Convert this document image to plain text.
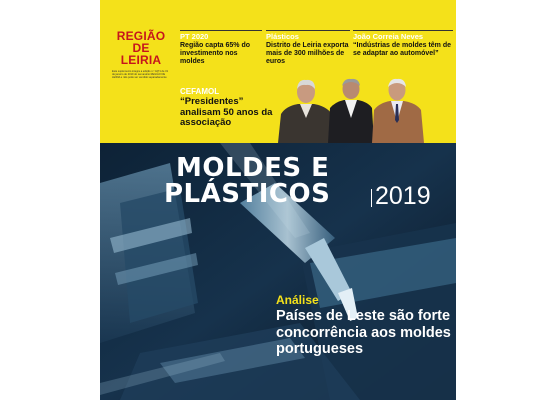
REGIÃO
DE LEIRIA
Este suplemento integra a edição n.º 4271 de 31 de janeiro de 2019 do semanário REGIÃO DE LEIRIA e não pode ser vendido separadamente
PT 2020
Região capta 65% do investimento nos moldes
Plásticos
Distrito de Leiria exporta mais de 300 milhões de euros
João Correia Neves
“Indústrias de moldes têm de se adaptar ao automóvel”
CEFAMOL
“Presidentes” analisam 50 anos da associação
MOLDES E
PLÁSTICOS 2019
Análise
Países de Leste são forte concorrência aos moldes portugueses
